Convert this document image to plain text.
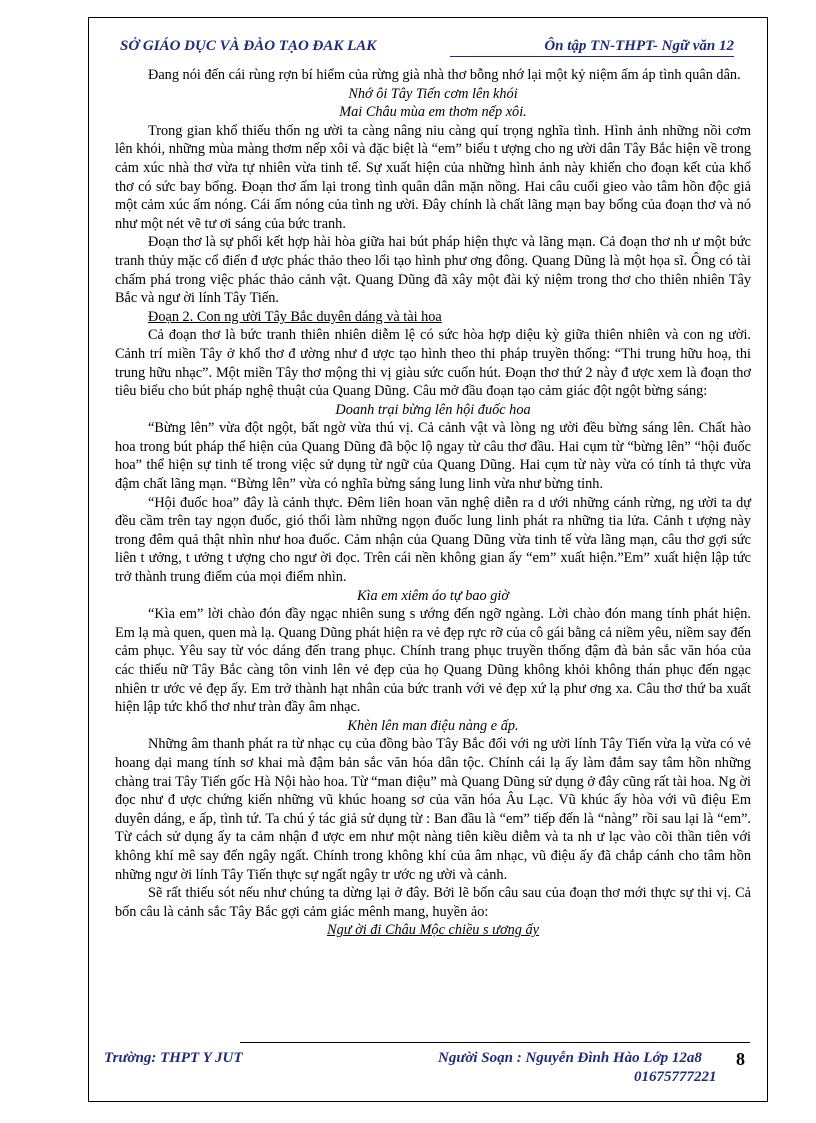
SỞ GIÁO DỤC VÀ ĐÀO TẠO ĐAK LAK	Ôn tập TN-THPT- Ngữ văn 12

Đang nói đến cái rùng rợn bí hiểm của rừng già nhà thơ bỗng nhớ lại một kỷ niệm ấm áp tình quân dân.

Nhớ ôi Tây Tiến cơm lên khói
Mai Châu mùa em thơm nếp xôi.

Trong gian khổ thiếu thốn ng ười ta càng nâng niu càng quí trọng nghĩa tình. Hình ảnh những nồi cơm lên khói, những mùa màng thơm nếp xôi và đặc biệt là “em” biểu t ượng cho ng ười dân Tây Bắc hiện về trong cảm xúc nhà thơ vừa tự nhiên vừa tinh tế. Sự xuất hiện của những hình ảnh này khiến cho đoạn kết của khổ thơ có sức bay bổng. Đoạn thơ ấm lại trong tình quân dân mặn nồng. Hai câu cuối gieo vào tâm hồn độc giả một cảm xúc ấm nóng. Cái ấm nóng của tình ng ười. Đây chính là chất lãng mạn bay bổng của đoạn thơ và nó như một nét vẽ tư ơi sáng của bức tranh.

Đoạn thơ là sự phối kết hợp hài hòa giữa hai bút pháp hiện thực và lãng mạn. Cả đoạn thơ nh ư một bức tranh thủy mặc cổ điển đ ược phác thảo theo lối tạo hình phư ơng đông. Quang Dũng là một họa sĩ. Ông có tài chấm phá trong việc phác thảo cảnh vật. Quang Dũng đã xây một đài kỷ niệm trong thơ cho thiên nhiên Tây Bắc và ngư ời lính Tây Tiến.

Đoạn 2. Con ng ười Tây Bắc duyên dáng và tài hoa

Cả đoạn thơ là bức tranh thiên nhiên diễm lệ có sức hòa hợp diệu kỳ giữa thiên nhiên và con ng ười. Cảnh trí miền Tây ở khổ thơ đ ường như đ ược tạo hình theo thi pháp truyền thống: “Thi trung hữu hoạ, thi trung hữu nhạc”. Một miền Tây thơ mộng thi vị giàu sức cuốn hút. Đoạn thơ thứ 2 này đ ược xem là đoạn thơ tiêu biểu cho bút pháp nghệ thuật của Quang Dũng. Câu mở đầu đoạn tạo cảm giác đột ngột bừng sáng:

Doanh trại bừng lên hội đuốc hoa

“Bừng lên” vừa đột ngột, bất ngờ vừa thú vị. Cả cảnh vật và lòng ng ười đều bừng sáng lên. Chất hào hoa trong bút pháp thể hiện của Quang Dũng đã bộc lộ ngay từ câu thơ đầu. Hai cụm từ “bừng lên” “hội đuốc hoa” thể hiện sự tinh tế trong việc sử dụng từ ngữ của Quang Dũng. Hai cụm từ này vừa có tính tả thực vừa đậm chất lãng mạn. “Bừng lên” vừa có nghĩa bừng sáng lung linh vừa như bừng tỉnh.

“Hội đuốc hoa” đây là cảnh thực. Đêm liên hoan văn nghệ diễn ra d ưới những cánh rừng, ng ười ta dự đều cầm trên tay ngọn đuốc, gió thổi làm những ngọn đuốc lung linh phát ra những tia lửa. Cảnh t ượng này trong đêm quả thật nhìn như hoa đuốc. Cảm nhận của Quang Dũng vừa tinh tế vừa lãng mạn, câu thơ gợi sức liên t ưởng, t ưởng t ượng cho ngư ời đọc. Trên cái nền không gian ấy “em” xuất hiện.”Em” xuất hiện lập tức trở thành trung điểm của mọi điểm nhìn.

Kìa em xiêm áo tự bao giờ

“Kìa em” lời chào đón đầy ngạc nhiên sung s ướng đến ngỡ ngàng. Lời chào đón mang tính phát hiện. Em lạ mà quen, quen mà lạ. Quang Dũng phát hiện ra vẻ đẹp rực rỡ của cô gái bằng cả niềm yêu, niềm say đến cảm phục. Yêu say từ vóc dáng đến trang phục. Chính trang phục truyền thống đậm đà bản sắc văn hóa của các thiếu nữ Tây Bắc càng tôn vinh lên vẻ đẹp của họ Quang Dũng không khỏi không thán phục đến ngạc nhiên tr ước vẻ đẹp ấy. Em trở thành hạt nhân của bức tranh với vẻ đẹp xứ lạ phư ơng xa. Câu thơ thứ ba xuất hiện lập tức khổ thơ như tràn đầy âm nhạc.

Khèn lên man điệu nàng e ấp.

Những âm thanh phát ra từ nhạc cụ của đồng bào Tây Bắc đối với ng ười lính Tây Tiến vừa lạ vừa có vẻ hoang dại mang tính sơ khai mà đậm bản sắc văn hóa dân tộc. Chính cái lạ ấy làm đắm say tâm hồn những chàng trai Tây Tiến gốc Hà Nội hào hoa. Từ “man điệu” mà Quang Dũng sử dụng ở đây cũng rất tài hoa. Ng ời đọc như đ ược chứng kiến những vũ khúc hoang sơ của văn hóa Âu Lạc. Vũ khúc ấy hòa với vũ điệu Em duyên dáng, e ấp, tình tứ. Ta chú ý tác giả sử dụng từ : Ban đầu là “em” tiếp đến là “nàng” rồi sau lại là “em”. Từ cách sử dụng ấy ta cảm nhận đ ược em như một nàng tiên kiều diễm và ta nh ư lạc vào cõi thần tiên với không khí mê say đến ngây ngất. Chính trong không khí của âm nhạc, vũ điệu ấy đã chắp cánh cho tâm hồn những ngư ời lính Tây Tiến thực sự ngất ngây tr ước ng ười và cảnh.

Sẽ rất thiếu sót nếu như chúng ta dừng lại ở đây. Bởi lẽ bốn câu sau của đoạn thơ mới thực sự thi vị. Cả bốn câu là cảnh sắc Tây Bắc gợi cảm giác mênh mang, huyền ảo:

Ngư ời đi Châu Mộc chiều s ương ấy
Trường: THPT Y JUT	Người Soạn : Nguyễn Đình Hào Lớp 12a8
01675777221
8
